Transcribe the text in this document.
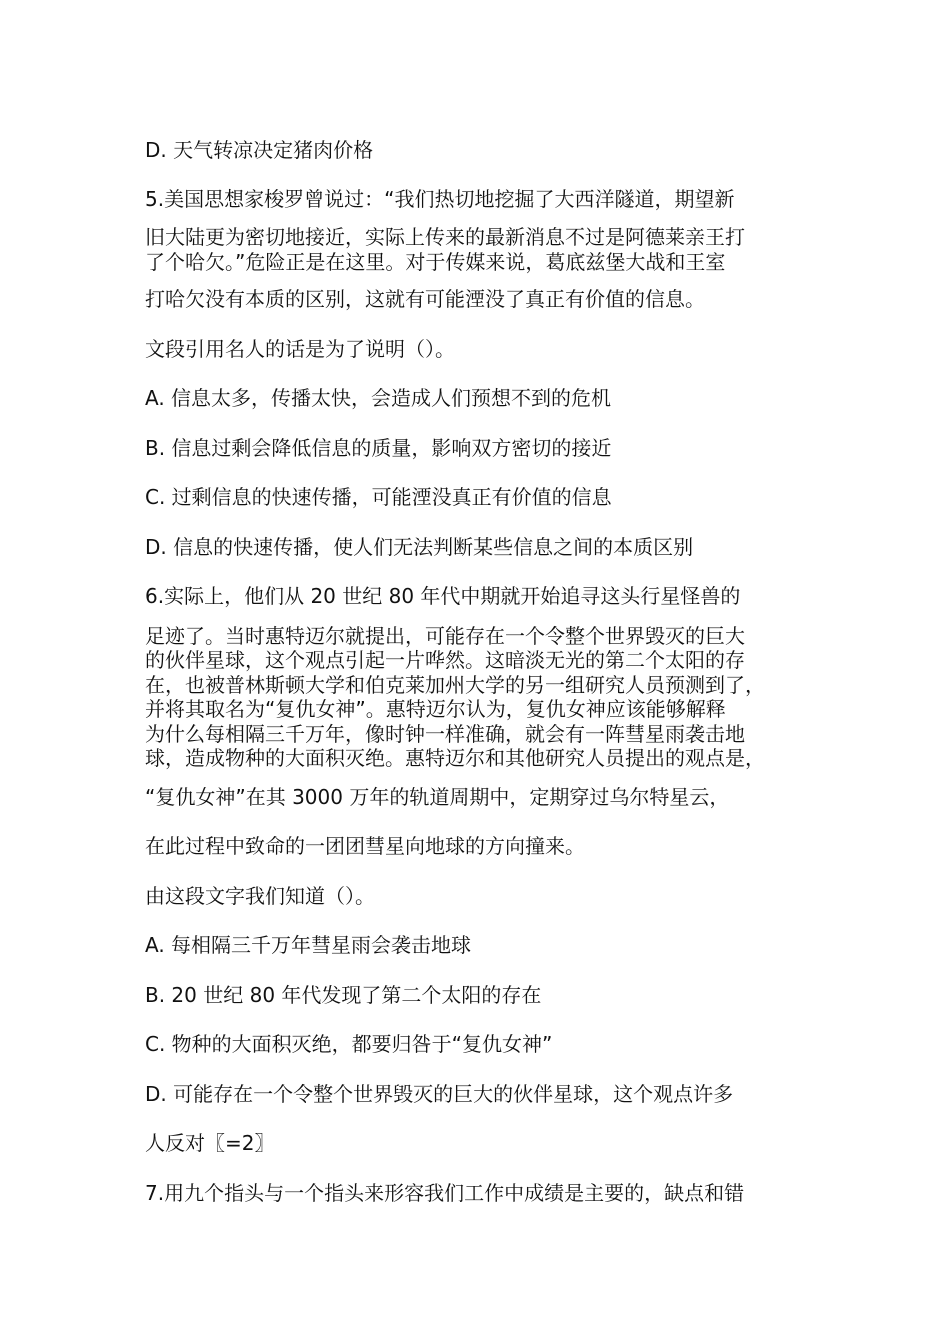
D. 天气转凉决定猪肉价格
5.美国思想家梭罗曾说过：“我们热切地挖掘了大西洋隧道，期望新
旧大陆更为密切地接近，实际上传来的最新消息不过是阿德莱亲王打
了个哈欠。”危险正是在这里。对于传媒来说，葛底兹堡大战和王室
打哈欠没有本质的区别，这就有可能湮没了真正有价值的信息。
文段引用名人的话是为了说明（）。
A. 信息太多，传播太快，会造成人们预想不到的危机
B. 信息过剩会降低信息的质量，影响双方密切的接近
C. 过剩信息的快速传播，可能湮没真正有价值的信息
D. 信息的快速传播，使人们无法判断某些信息之间的本质区别
6.实际上，他们从 20 世纪 80 年代中期就开始追寻这头行星怪兽的
足迹了。当时惠特迈尔就提出，可能存在一个令整个世界毁灭的巨大
的伙伴星球，这个观点引起一片哗然。这暗淡无光的第二个太阳的存
在，也被普林斯顿大学和伯克莱加州大学的另一组研究人员预测到了，
并将其取名为“复仇女神”。惠特迈尔认为，复仇女神应该能够解释
为什么每相隔三千万年，像时钟一样准确，就会有一阵彗星雨袭击地
球，造成物种的大面积灭绝。惠特迈尔和其他研究人员提出的观点是，
“复仇女神”在其 3000 万年的轨道周期中，定期穿过乌尔特星云，
在此过程中致命的一团团彗星向地球的方向撞来。
由这段文字我们知道（）。
A. 每相隔三千万年彗星雨会袭击地球
B. 20 世纪 80 年代发现了第二个太阳的存在
C. 物种的大面积灭绝，都要归咎于“复仇女神”
D. 可能存在一个令整个世界毁灭的巨大的伙伴星球，这个观点许多
人反对〖=2〗
7.用九个指头与一个指头来形容我们工作中成绩是主要的，缺点和错
